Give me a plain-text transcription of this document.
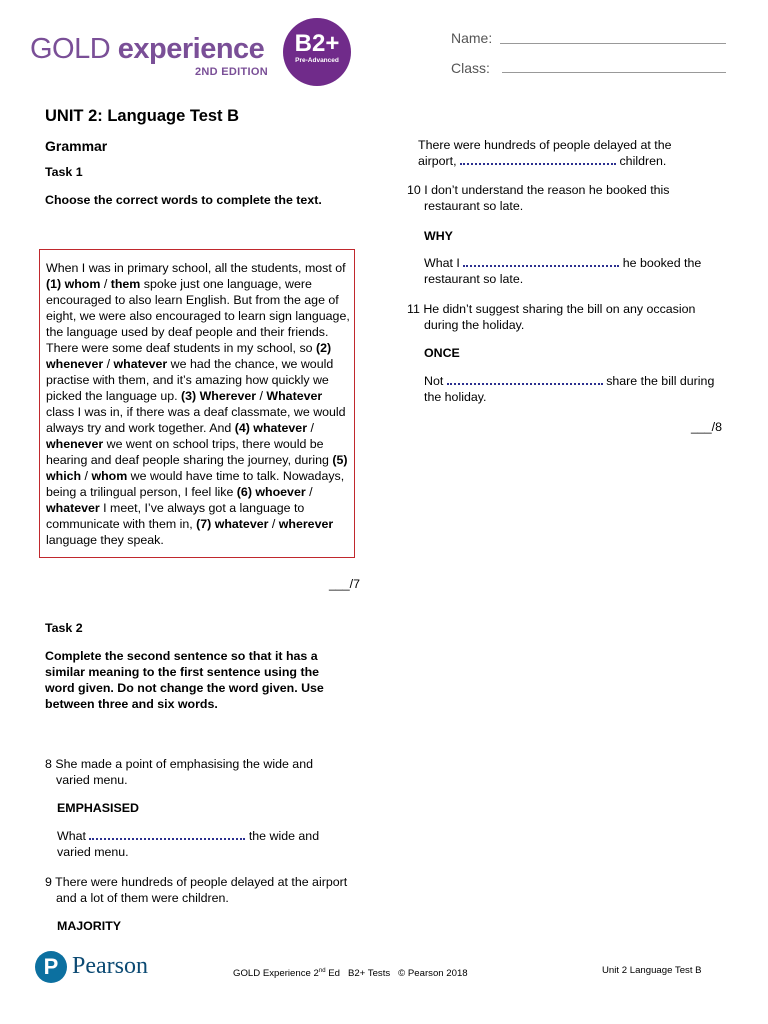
GOLD experience
2ND EDITION
B2+
Pre-Advanced
Name:
Class:
UNIT 2: Language Test B
Grammar
Task 1
Choose the correct words to complete the text.

When I was in primary school, all the students, most of (1) whom / them spoke just one language, were encouraged to also learn English. But from the age of eight, we were also encouraged to learn sign language, the language used by deaf people and their friends. There were some deaf students in my school, so (2) whenever / whatever we had the chance, we would practise with them, and it’s amazing how quickly we picked the language up. (3) Wherever / Whatever class I was in, if there was a deaf classmate, we would always try and work together. And (4) whatever / whenever we went on school trips, there would be hearing and deaf people sharing the journey, during (5) which / whom we would have time to talk. Nowadays, being a trilingual person, I feel like (6) whoever / whatever I meet, I’ve always got a language to communicate with them in, (7) whatever / wherever language they speak.

___/7
Task 2
Complete the second sentence so that it has a similar meaning to the first sentence using the word given. Do not change the word given. Use between three and six words.
8 She made a point of emphasising the wide and
varied menu.
EMPHASISED
What	the wide and
varied menu.
9 There were hundreds of people delayed at the airport
and a lot of them were children.
MAJORITY
There were hundreds of people delayed at the
airport,	children.
10 I don’t understand the reason he booked this
restaurant so late.
WHY
What I	he booked the
restaurant so late.
11 He didn’t suggest sharing the bill on any occasion
during the holiday.
ONCE
Not	share the bill during
the holiday.
___/8
P Pearson	GOLD Experience 2nd Ed   B2+ Tests   © Pearson 2018	Unit 2 Language Test B
